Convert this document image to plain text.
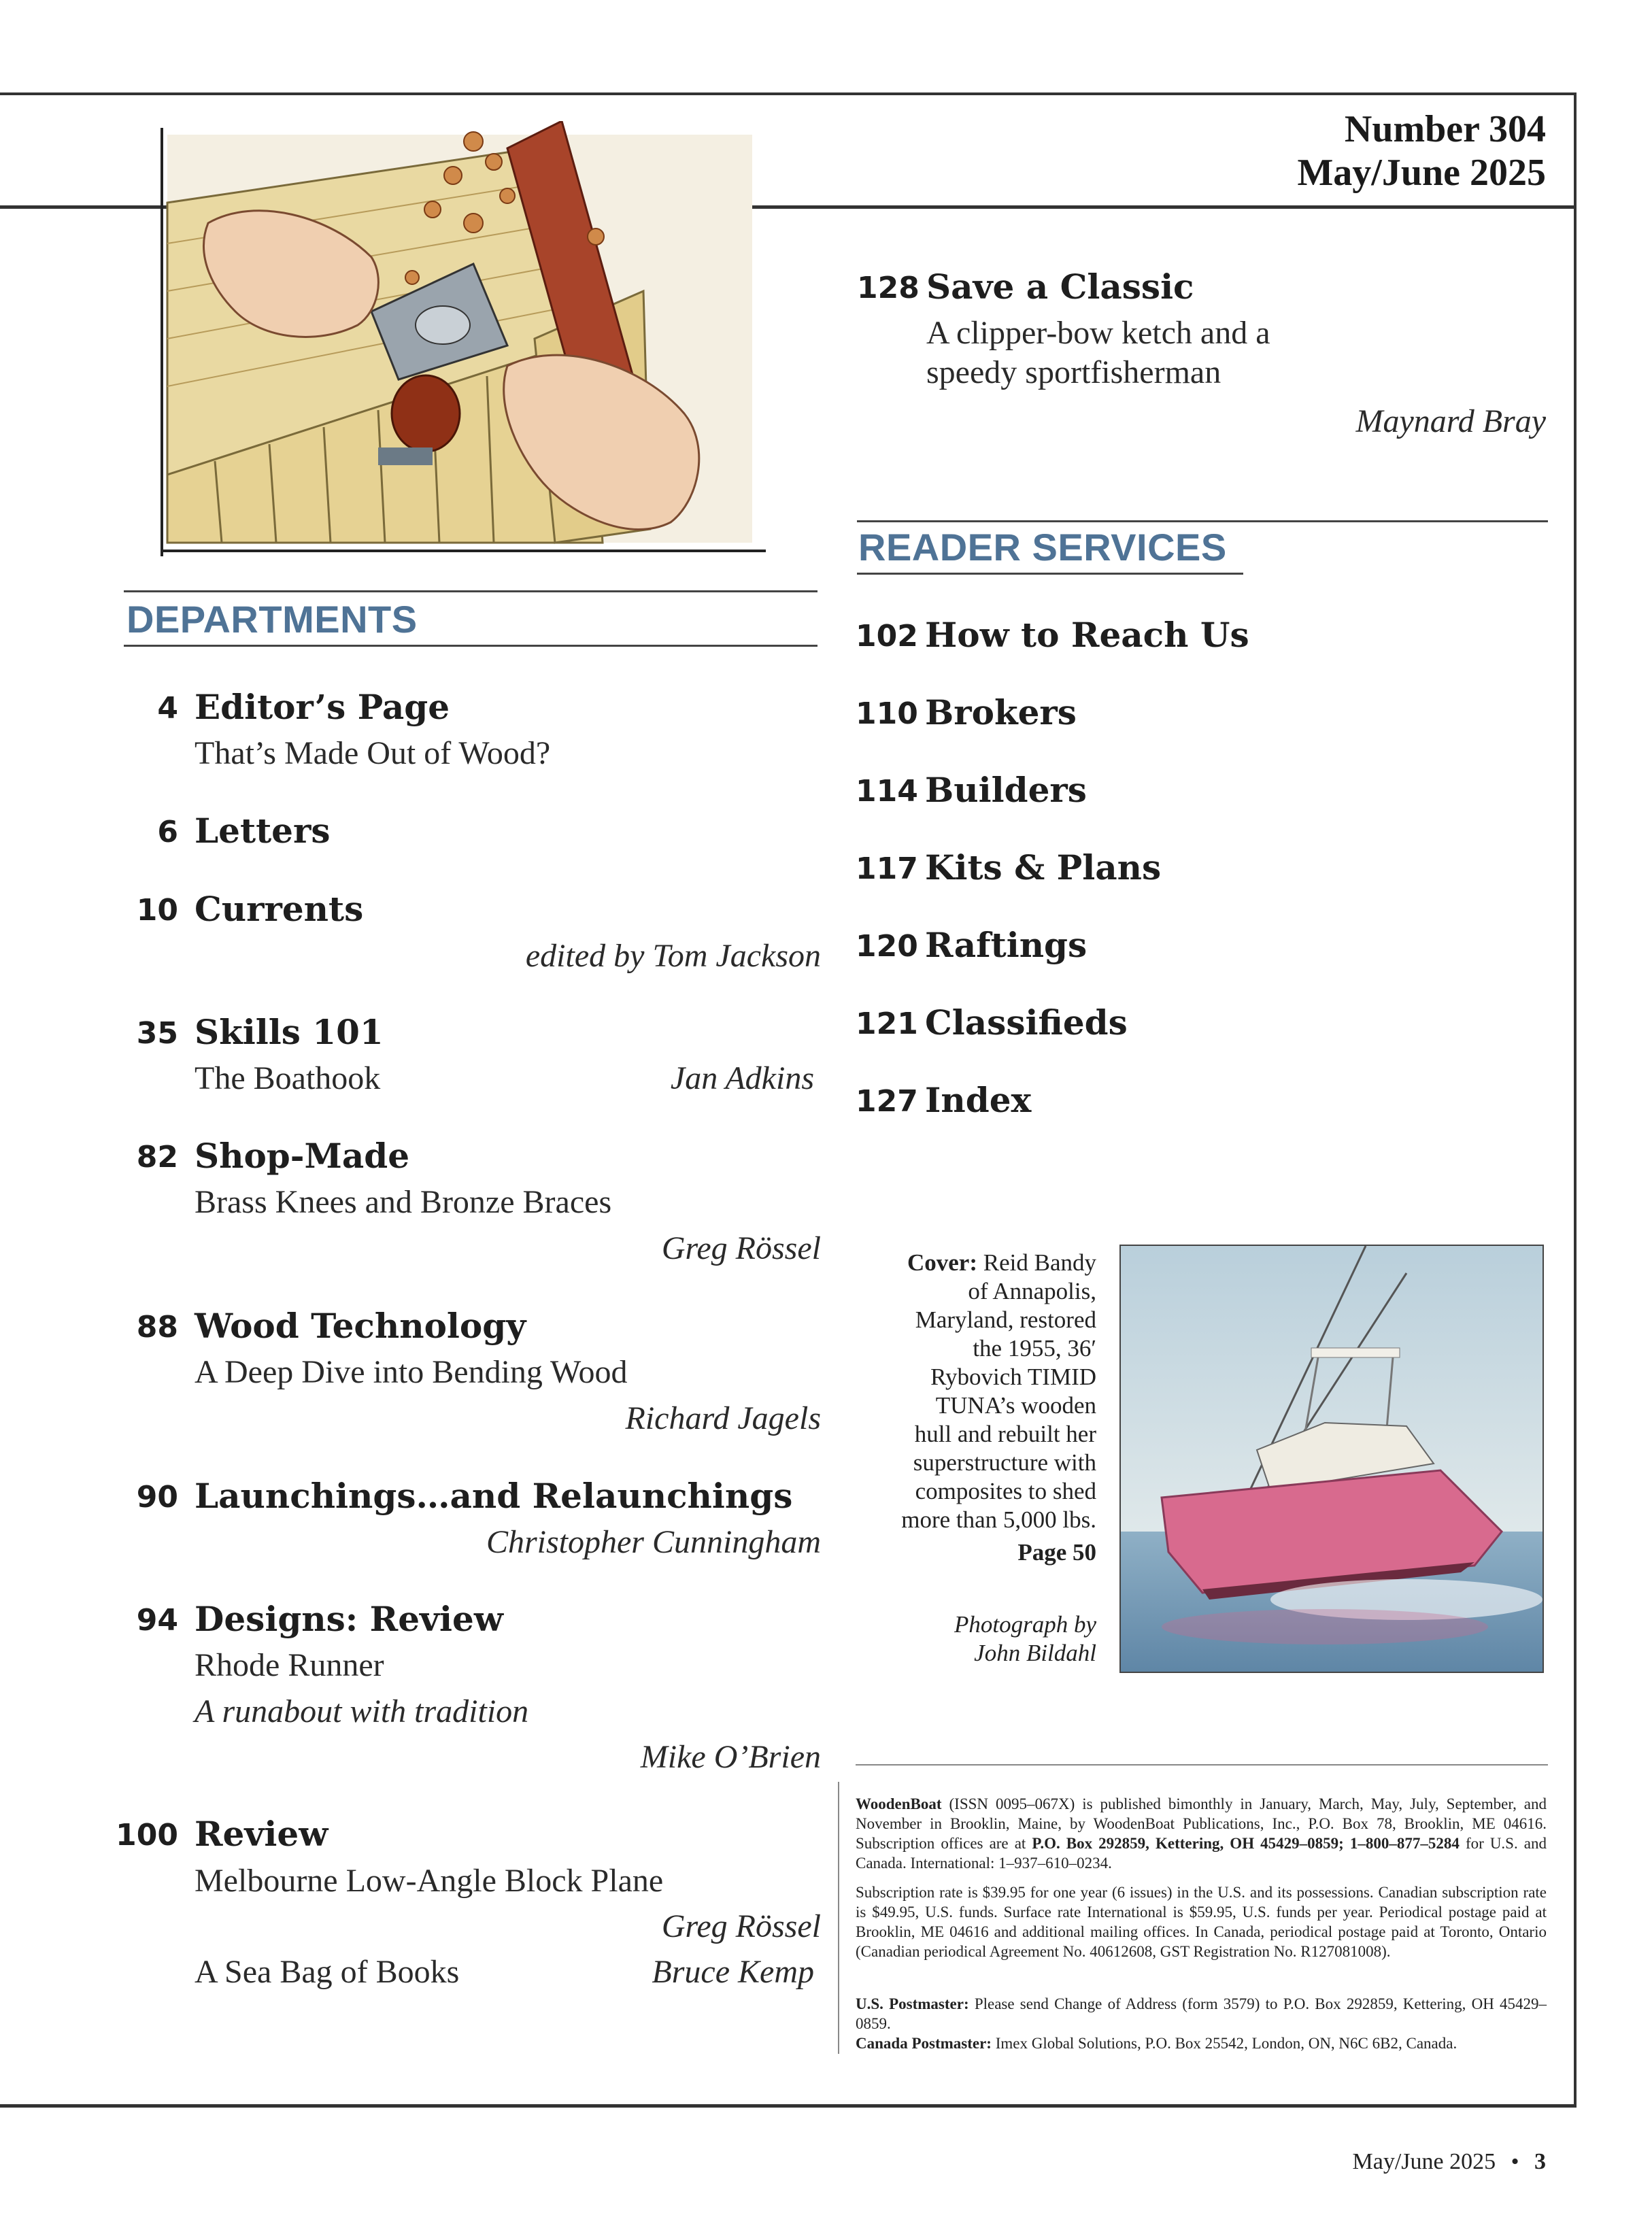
Number 304
May/June 2025
DEPARTMENTS
4 Editor’s Page
That’s Made Out of Wood?
6 Letters
10 Currents
edited by Tom Jackson
35 Skills 101
The Boathook	Jan Adkins
82 Shop-Made
Brass Knees and Bronze Braces
Greg Rössel
88 Wood Technology
A Deep Dive into Bending Wood
Richard Jagels
90 Launchings…and Relaunchings
Christopher Cunningham
94 Designs: Review
Rhode Runner
A runabout with tradition
Mike O’Brien
100 Review
Melbourne Low-Angle Block Plane
Greg Rössel
A Sea Bag of Books	Bruce Kemp
128 Save a Classic
A clipper-bow ketch and a
speedy sportfisherman
Maynard Bray
READER SERVICES
102 How to Reach Us
110 Brokers
114 Builders
117 Kits & Plans
120 Raftings
121 Classifieds
127 Index
Cover: Reid Bandy
of Annapolis,
Maryland, restored
the 1955, 36′
Rybovich TIMID
TUNA’s wooden
hull and rebuilt her
superstructure with
composites to shed
more than 5,000 lbs.
Page 50
Photograph by
John Bildahl
WoodenBoat (ISSN 0095–067X) is published bimonthly in January, March, May, July, September, and November in Brooklin, Maine, by WoodenBoat Publications, Inc., P.O. Box 78, Brooklin, ME 04616. Subscription offices are at P.O. Box 292859, Kettering, OH 45429–0859; 1–800–877–5284 for U.S. and Canada. International: 1–937–610–0234.
Subscription rate is $39.95 for one year (6 issues) in the U.S. and its possessions. Canadian subscription rate is $49.95, U.S. funds. Surface rate International is $59.95, U.S. funds per year. Periodical postage paid at Brooklin, ME 04616 and additional mailing offices. In Canada, periodical postage paid at Toronto, Ontario (Canadian periodical Agreement No. 40612608, GST Registration No. R127081008).
U.S. Postmaster: Please send Change of Address (form 3579) to P.O. Box 292859, Kettering, OH 45429–0859.
Canada Postmaster: Imex Global Solutions, P.O. Box 25542, London, ON, N6C 6B2, Canada.
May/June 2025 • 3
